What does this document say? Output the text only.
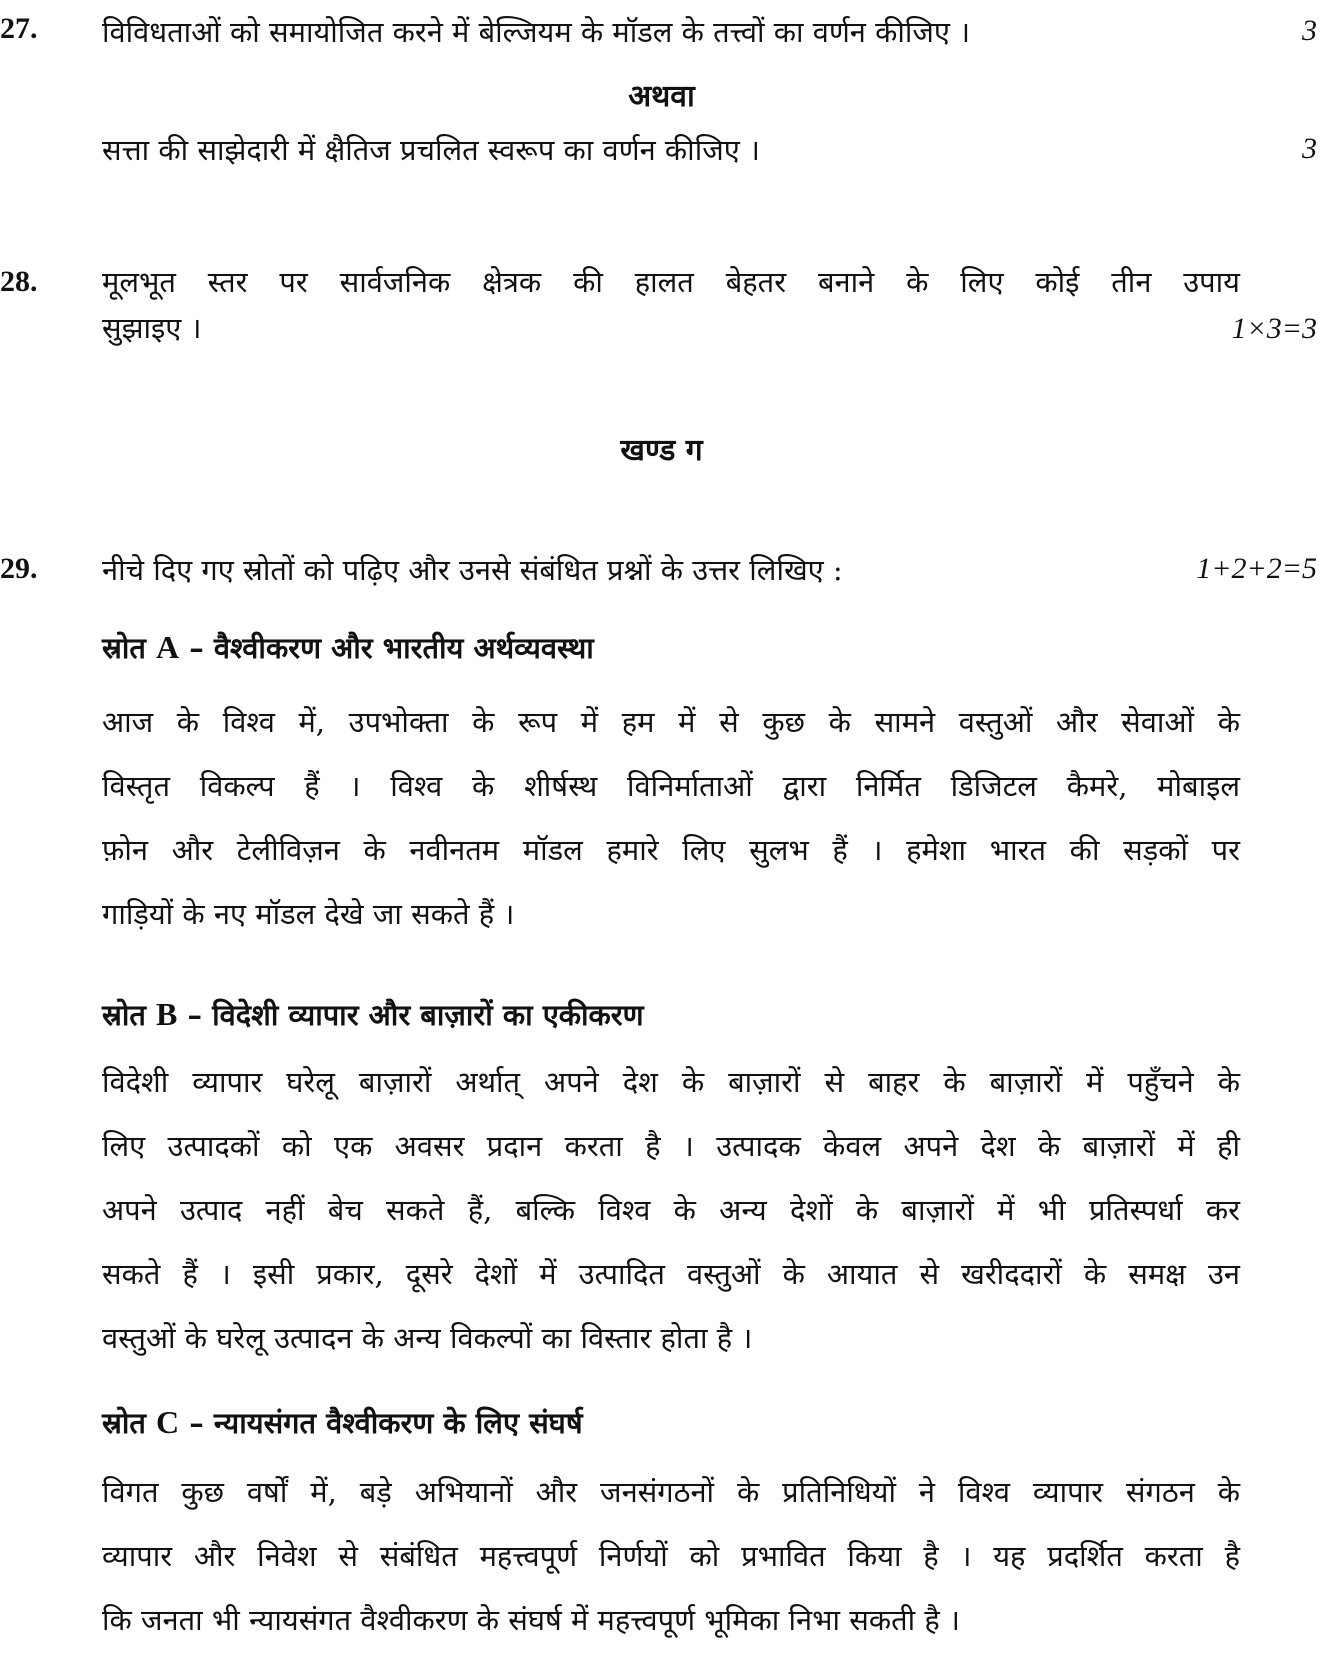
27. विविधताओं को समायोजित करने में बेल्जियम के मॉडल के तत्त्वों का वर्णन कीजिए ।	3
अथवा
सत्ता की साझेदारी में क्षैतिज प्रचलित स्वरूप का वर्णन कीजिए ।	3
28. मूलभूत स्तर पर सार्वजनिक क्षेत्रक की हालत बेहतर बनाने के लिए कोई तीन उपाय
सुझाइए ।	1×3=3
खण्ड ग
29. नीचे दिए गए स्रोतों को पढ़िए और उनसे संबंधित प्रश्नों के उत्तर लिखिए :	1+2+2=5
स्रोत A – वैश्वीकरण और भारतीय अर्थव्यवस्था
आज के विश्व में, उपभोक्ता के रूप में हम में से कुछ के सामने वस्तुओं और सेवाओं के
विस्तृत विकल्प हैं । विश्व के शीर्षस्थ विनिर्माताओं द्वारा निर्मित डिजिटल कैमरे, मोबाइल
फ़ोन और टेलीविज़न के नवीनतम मॉडल हमारे लिए सुलभ हैं । हमेशा भारत की सड़कों पर
गाड़ियों के नए मॉडल देखे जा सकते हैं ।
स्रोत B – विदेशी व्यापार और बाज़ारों का एकीकरण
विदेशी व्यापार घरेलू बाज़ारों अर्थात् अपने देश के बाज़ारों से बाहर के बाज़ारों में पहुँचने के
लिए उत्पादकों को एक अवसर प्रदान करता है । उत्पादक केवल अपने देश के बाज़ारों में ही
अपने उत्पाद नहीं बेच सकते हैं, बल्कि विश्व के अन्य देशों के बाज़ारों में भी प्रतिस्पर्धा कर
सकते हैं । इसी प्रकार, दूसरे देशों में उत्पादित वस्तुओं के आयात से खरीददारों के समक्ष उन
वस्तुओं के घरेलू उत्पादन के अन्य विकल्पों का विस्तार होता है ।
स्रोत C – न्यायसंगत वैश्वीकरण के लिए संघर्ष
विगत कुछ वर्षों में, बड़े अभियानों और जनसंगठनों के प्रतिनिधियों ने विश्व व्यापार संगठन के
व्यापार और निवेश से संबंधित महत्त्वपूर्ण निर्णयों को प्रभावित किया है । यह प्रदर्शित करता है
कि जनता भी न्यायसंगत वैश्वीकरण के संघर्ष में महत्त्वपूर्ण भूमिका निभा सकती है ।
